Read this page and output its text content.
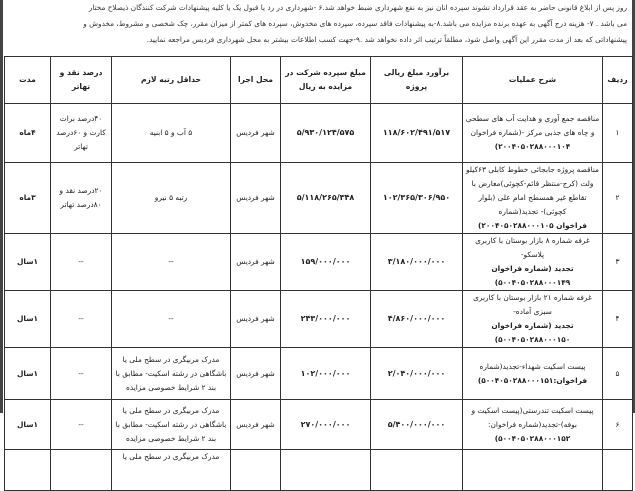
روز پس از ابلاغ قانونی حاضر به عقد قرارداد نشوند سپرده انان نیز به نفع شهرداری ضبط خواهد شد.۶ -شهرداری در رد یا قبول یک یا کلیه پیشنهادات شرکت کنندگان ذیصلاح مختار

می باشد . ۷- هزینه درج آگهی به عهده برنده مزایده می باشد.۸-به پیشنهادات فاقد سپرده، سپرده های مخدوش، سپرده های کمتر از میزان مقرر، چک شخصی و مشروط، مخدوش و

پیشنهاداتی که بعد از مدت مقرر این آگهی واصل شود، مطلقاً ترتیب اثر داده نخواهد شد .۹-جهت کسب اطلاعات بیشتر به محل شهرداری فردیس مراجعه نمایید.

ردیف	شرح عملیات	برآورد مبلغ ریالی پروژه	مبلغ سپرده شرکت در مزایده به ریال	محل اجرا	حداقل رتبه لازم	درصد نقد و تهاتر	مدت
۱	مناقصه جمع آوری و هدایت آب های سطحی و چاه های جذبی مرکز -(شماره فراخوان
۲۰۰۴۰۵۰۲۸۸۰۰۰۱۰۴)	۱۱۸/۶۰۲/۴۹۱/۵۱۷	۵/۹۳۰/۱۲۴/۵۷۵	شهر فردیس	۵ آب و ۵ ابنیه	۴۰درصد برات کارت و ۶۰درصد تهاتر	۴ماه
۲	مناقصه پروژه جابجائی خطوط کابلی ۶۳کیلو ولت (کرج-منتظر قائم-کچوئی)معارض با تقاطع غیر همسطح امام علی (بلوار کچوئی)- تجدید(شماره
فراخوان ۲۰۰۴۰۵۰۲۸۸۰۰۰۱۰۵)	۱۰۲/۳۶۵/۳۰۶/۹۵۰	۵/۱۱۸/۲۶۵/۳۴۸	شهر فردیس	رتبه ۵ نیرو	۲۰درصد نقد و ۸۰درصد تهاتر	۳ماه
۳	غرفه شماره ۸ بازار بوستان با کاربری پلاسکو-
تجدید (شماره فراخوان ۵۰۰۴۰۵۰۲۸۸۰۰۰۱۴۹)	۳/۱۸۰/۰۰۰/۰۰۰	۱۵۹/۰۰۰/۰۰۰	شهر فردیس	--	--	۱سال
۴	غرفه شماره ۲۱ بازار بوستان با کاربری سبزی آماده-
تجدید (شماره فراخوان ۵۰۰۴۰۵۰۲۸۸۰۰۰۱۵۰)	۴/۸۶۰/۰۰۰/۰۰۰	۲۴۳/۰۰۰/۰۰۰	شهر فردیس	--	--	۱سال
۵	پیست اسکیت شهداء-تجدید(شماره
فراخوان:۵۰۰۴۰۵۰۲۸۸۰۰۰۱۵۱)	۲/۰۴۰/۰۰۰/۰۰۰	۱۰۲/۰۰۰/۰۰۰	شهر فردیس	مدرک مربیگری در سطح ملی یا باشگاهی در رشته اسکیت- مطابق با بند ۲ شرایط خصوصی مزایده	--	۱سال
۶	پیست اسکیت تندرستی(پیست اسکیت و بوفه)-تجدید(شماره فراخوان:
۵۰۰۴۰۵۰۲۸۸۰۰۰۱۵۲)	۵/۴۰۰/۰۰۰/۰۰۰	۲۷۰/۰۰۰/۰۰۰	شهر فردیس	مدرک مربیگری در سطح ملی یا باشگاهی در رشته اسکیت- مطابق با بند ۲ شرایط خصوصی مزایده	--	۱سال
					مدرک مربیگری در سطح ملی یا		
